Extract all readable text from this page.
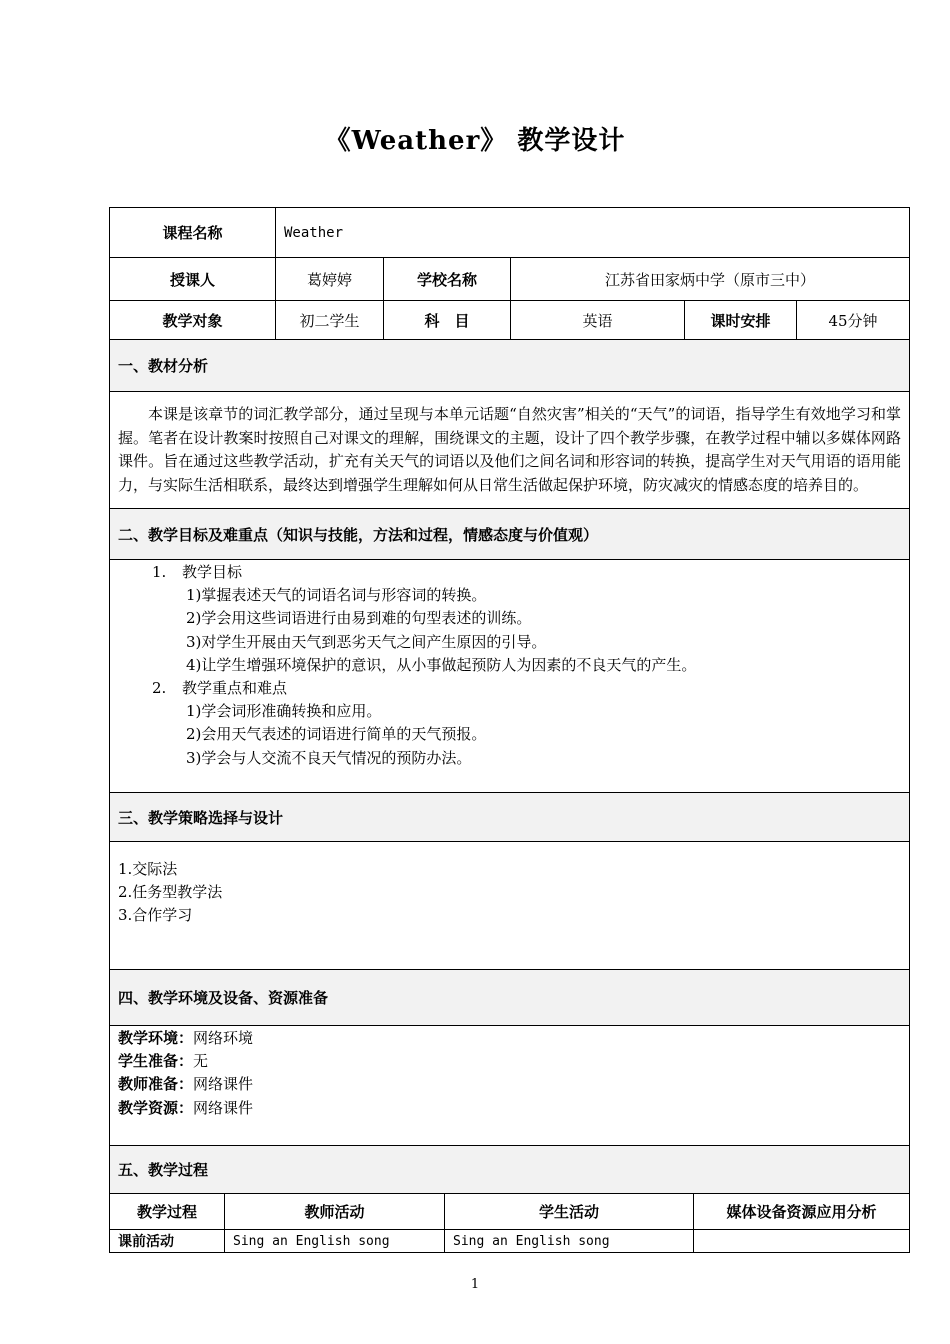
《Weather》 教学设计
课程名称	Weather				
授课人	葛婷婷	学校名称	江苏省田家炳中学（原市三中）		
教学对象	初二学生	科　目	英语	课时安排	45分钟
一、教材分析
本课是该章节的词汇教学部分，通过呈现与本单元话题“自然灾害”相关的“天气”的词语，指导学生有效地学习和掌握。笔者在设计教案时按照自己对课文的理解，围绕课文的主题，设计了四个教学步骤，在教学过程中辅以多媒体网路课件。旨在通过这些教学活动，扩充有关天气的词语以及他们之间名词和形容词的转换，提高学生对天气用语的语用能力，与实际生活相联系，最终达到增强学生理解如何从日常生活做起保护环境，防灾减灾的情感态度的培养目的。
二、教学目标及难重点（知识与技能，方法和过程，情感态度与价值观）

1. 教学目标
1)掌握表述天气的词语名词与形容词的转换。
2)学会用这些词语进行由易到难的句型表述的训练。
3)对学生开展由天气到恶劣天气之间产生原因的引导。
4)让学生增强环境保护的意识，从小事做起预防人为因素的不良天气的产生。
2. 教学重点和难点
1)学会词形准确转换和应用。
2)会用天气表述的词语进行简单的天气预报。
3)学会与人交流不良天气情况的预防办法。

三、教学策略选择与设计

1.交际法
2.任务型教学法
3.合作学习

四、教学环境及设备、资源准备

教学环境：网络环境
学生准备：无
教师准备：网络课件
教学资源：网络课件

五、教学过程
教学过程	教师活动	学生活动	媒体设备资源应用分析
课前活动	Sing an English song	Sing an English song	
1
